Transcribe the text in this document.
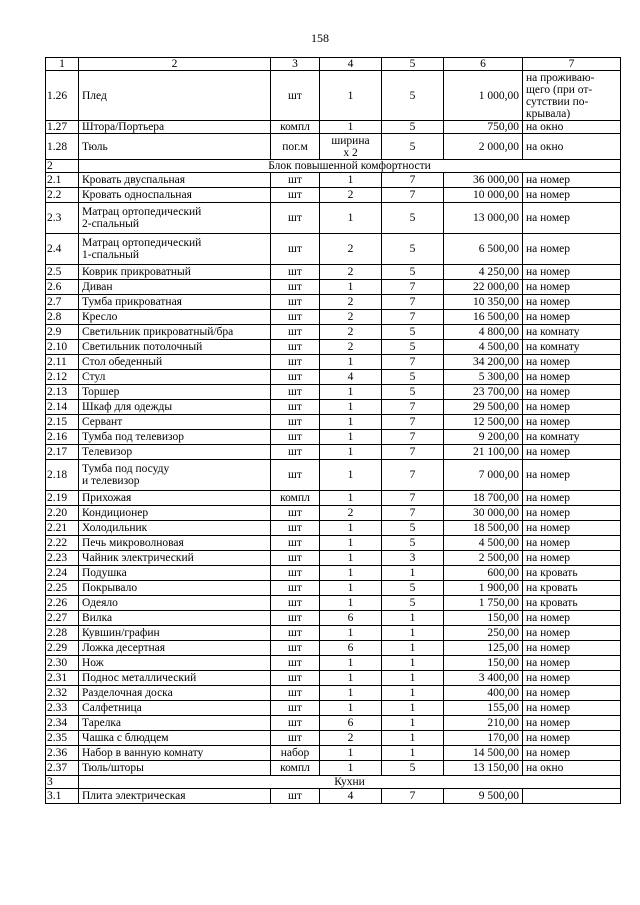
158
1	2	3	4	5	6	7
1.26	Плед	шт	1	5	1 000,00	на проживаю-
щего (при от-
сутствии по-
крывала)
1.27	Штора/Портьера	компл	1	5	750,00	на окно
1.28	Тюль	пог.м	ширина
х 2	5	2 000,00	на окно
2	Блок повышенной комфортности					
2.1	Кровать двуспальная	шт	1	7	36 000,00	на номер
2.2	Кровать односпальная	шт	2	7	10 000,00	на номер
2.3	Матрац ортопедический
2-спальный	шт	1	5	13 000,00	на номер
2.4	Матрац ортопедический
1-спальный	шт	2	5	6 500,00	на номер
2.5	Коврик прикроватный	шт	2	5	4 250,00	на номер
2.6	Диван	шт	1	7	22 000,00	на номер
2.7	Тумба прикроватная	шт	2	7	10 350,00	на номер
2.8	Кресло	шт	2	7	16 500,00	на номер
2.9	Светильник прикроватный/бра	шт	2	5	4 800,00	на комнату
2.10	Светильник потолочный	шт	2	5	4 500,00	на комнату
2.11	Стол обеденный	шт	1	7	34 200,00	на номер
2.12	Стул	шт	4	5	5 300,00	на номер
2.13	Торшер	шт	1	5	23 700,00	на номер
2.14	Шкаф для одежды	шт	1	7	29 500,00	на номер
2.15	Сервант	шт	1	7	12 500,00	на номер
2.16	Тумба под телевизор	шт	1	7	9 200,00	на комнату
2.17	Телевизор	шт	1	7	21 100,00	на номер
2.18	Тумба под посуду
и телевизор	шт	1	7	7 000,00	на номер
2.19	Прихожая	компл	1	7	18 700,00	на номер
2.20	Кондиционер	шт	2	7	30 000,00	на номер
2.21	Холодильник	шт	1	5	18 500,00	на номер
2.22	Печь микроволновая	шт	1	5	4 500,00	на номер
2.23	Чайник электрический	шт	1	3	2 500,00	на номер
2.24	Подушка	шт	1	1	600,00	на кровать
2.25	Покрывало	шт	1	5	1 900,00	на кровать
2.26	Одеяло	шт	1	5	1 750,00	на кровать
2.27	Вилка	шт	6	1	150,00	на номер
2.28	Кувшин/графин	шт	1	1	250,00	на номер
2.29	Ложка десертная	шт	6	1	125,00	на номер
2.30	Нож	шт	1	1	150,00	на номер
2.31	Поднос металлический	шт	1	1	3 400,00	на номер
2.32	Разделочная доска	шт	1	1	400,00	на номер
2.33	Салфетница	шт	1	1	155,00	на номер
2.34	Тарелка	шт	6	1	210,00	на номер
2.35	Чашка с блюдцем	шт	2	1	170,00	на номер
2.36	Набор в ванную комнату	набор	1	1	14 500,00	на номер
2.37	Тюль/шторы	компл	1	5	13 150,00	на окно
3	Кухни					
3.1	Плита электрическая	шт	4	7	9 500,00	
